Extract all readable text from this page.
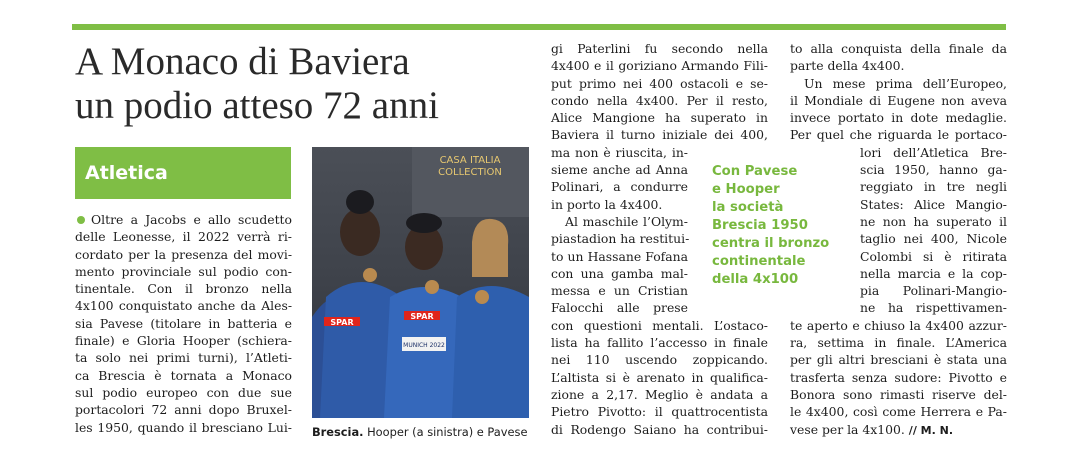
A Monaco di Baviera
un podio atteso 72 anni
Atletica
Oltre a Jacobs e allo scudetto
delle Leonesse, il 2022 verrà ri-
cordato per la presenza del movi-
mento provinciale sul podio con-
tinentale. Con il bronzo nella
4x100 conquistato anche da Ales-
sia Pavese (titolare in batteria e
finale) e Gloria Hooper (schiera-
ta solo nei primi turni), l’Atleti-
ca Brescia è tornata a Monaco
sul podio europeo con due sue
portacolori 72 anni dopo Bruxel-
les 1950, quando il bresciano Lui-
CASA ITALIA
COLLECTION
SPAR
SPAR
MUNICH 2022
Brescia. Hooper (a sinistra) e Pavese
gi Paterlini fu secondo nella
4x400 e il goriziano Armando Fili-
put primo nei 400 ostacoli e se-
condo nella 4x400. Per il resto,
Alice Mangione ha superato in
Baviera il turno iniziale dei 400,
ma non è riuscita, in-
sieme anche ad Anna
Polinari, a condurre
in porto la 4x400.
Al maschile l’Olym-
piastadion ha restitui-
to un Hassane Fofana
con una gamba mal-
messa e un Cristian
Falocchi alle prese
con questioni mentali. L’ostaco-
lista ha fallito l’accesso in finale
nei 110 uscendo zoppicando.
L’altista si è arenato in qualifica-
zione a 2,17. Meglio è andata a
Pietro Pivotto: il quattrocentista
di Rodengo Saiano ha contribui-
Con Pavese
e Hooper
la società
Brescia 1950
centra il bronzo
continentale
della 4x100
to alla conquista della finale da
parte della 4x400.
Un mese prima dell’Europeo,
il Mondiale di Eugene non aveva
invece portato in dote medaglie.
Per quel che riguarda le portaco-
lori dell’Atletica Bre-
scia 1950, hanno ga-
reggiato in tre negli
States: Alice Mangio-
ne non ha superato il
taglio nei 400, Nicole
Colombi si è ritirata
nella marcia e la cop-
pia Polinari-Mangio-
ne ha rispettivamen-
te aperto e chiuso la 4x400 azzur-
ra, settima in finale. L’America
per gli altri bresciani è stata una
trasferta senza sudore: Pivotto e
Bonora sono rimasti riserve del-
le 4x400, così come Herrera e Pa-
vese per la 4x100. // M. N.
